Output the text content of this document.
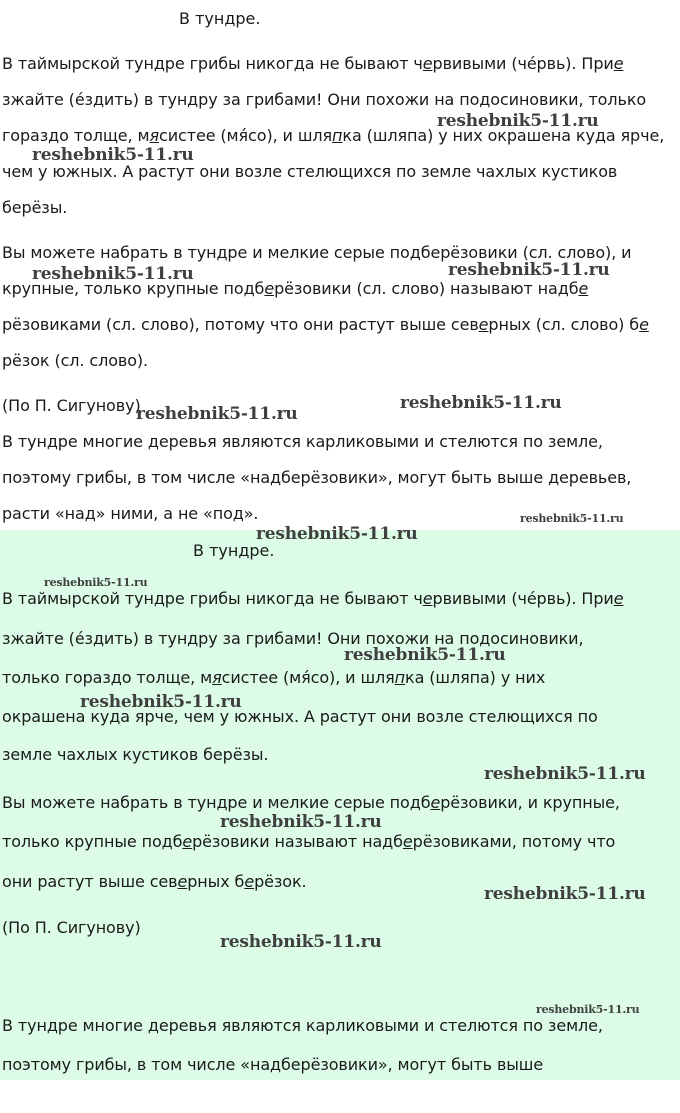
В тундре.
В таймырской тундре грибы никогда не бывают червивыми (чéрвь). Прие
зжайте (éздить) в тундру за грибами! Они похожи на подосиновики, только
гораздо толще, мясистее (мя́со), и шляпка (шляпа) у них окрашена куда ярче,
чем у южных. А растут они возле стелющихся по земле чахлых кустиков
берёзы.
Вы можете набрать в тундре и мелкие серые подберёзовики (сл. слово), и
крупные, только крупные подберёзовики (сл. слово) называют надбе
рёзовиками (сл. слово), потому что они растут выше северных (сл. слово) бе
рёзок (сл. слово).
(По П. Сигунову)
В тундре многие деревья являются карликовыми и стелются по земле,
поэтому грибы, в том числе «надберёзовики», могут быть выше деревьев,
расти «над» ними, а не «под».
В тундре.
В таймырской тундре грибы никогда не бывают червивыми (чéрвь). Прие
зжайте (éздить) в тундру за грибами! Они похожи на подосиновики,
только гораздо толще, мясистее (мя́со), и шляпка (шляпа) у них
окрашена куда ярче, чем у южных. А растут они возле стелющихся по
земле чахлых кустиков берёзы.
Вы можете набрать в тундре и мелкие серые подберёзовики, и крупные,
только крупные подберёзовики называют надберёзовиками, потому что
они растут выше северных берёзок.
(По П. Сигунову)
В тундре многие деревья являются карликовыми и стелются по земле,
поэтому грибы, в том числе «надберёзовики», могут быть выше
reshebnik5-11.ru
reshebnik5-11.ru
reshebnik5-11.ru	reshebnik5-11.ru
reshebnik5-11.ru
reshebnik5-11.ru
reshebnik5-11.ru
reshebnik5-11.ru
reshebnik5-11.ru
reshebnik5-11.ru
reshebnik5-11.ru
reshebnik5-11.ru
reshebnik5-11.ru
reshebnik5-11.ru
reshebnik5-11.ru
reshebnik5-11.ru
